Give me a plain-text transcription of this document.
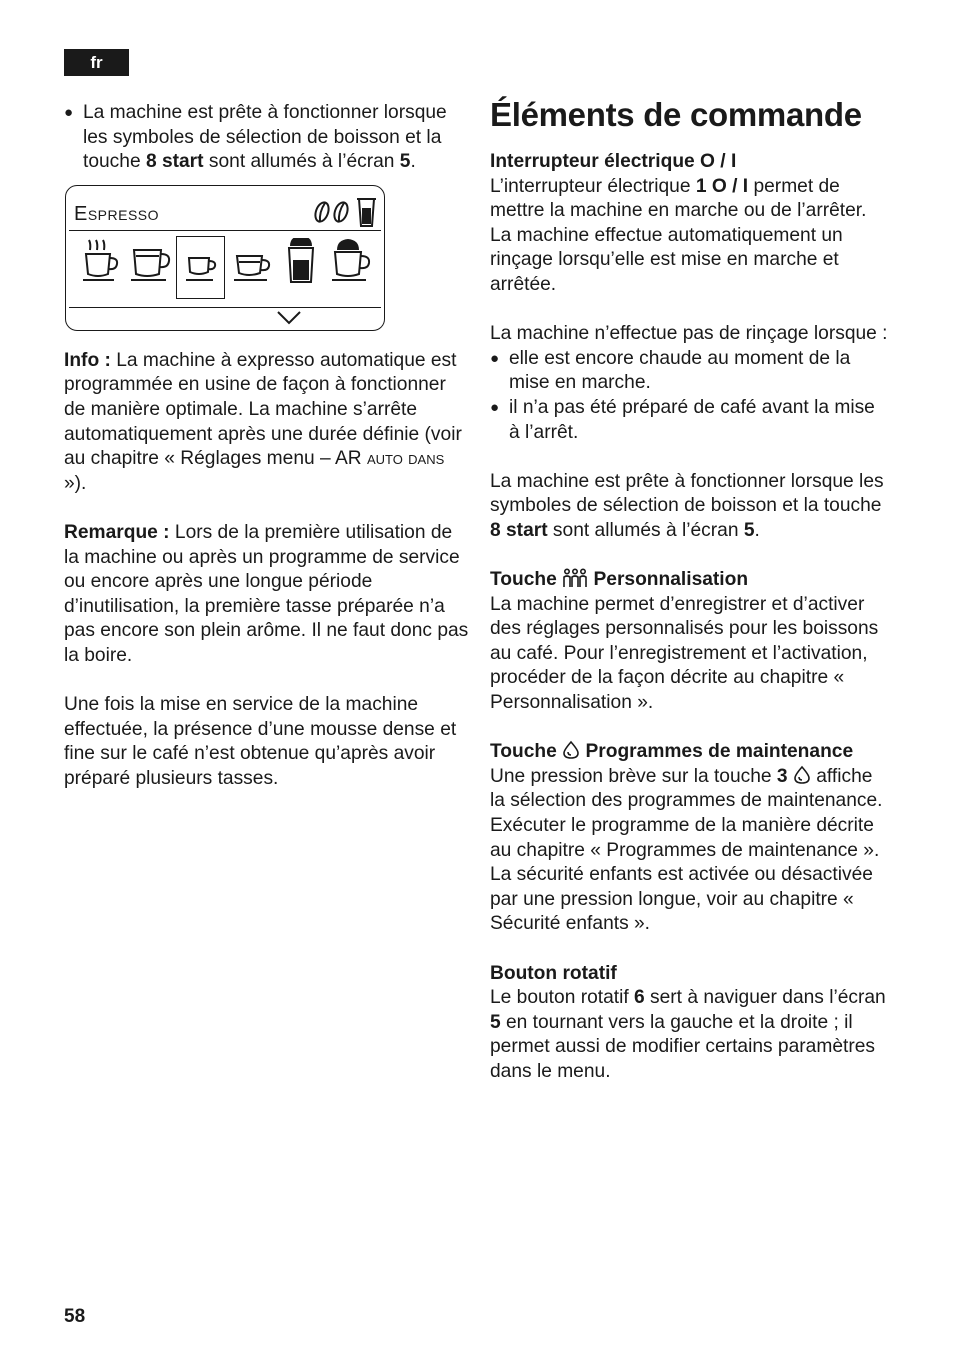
fr
Éléments de commande

● La machine est prête à fonctionner lorsque les symboles de sélection de boisson et la touche 8 start sont allumés à l’écran 5.

Espresso

Info : La machine à expresso automatique est programmée en usine de façon à fonctionner de manière optimale. La machine s’arrête automatiquement après une durée définie (voir au chapitre « Réglages menu – AR auto dans »).

Remarque : Lors de la première utilisation de la machine ou après un programme de service ou encore après une longue période d’inutilisation, la première tasse préparée n’a pas encore son plein arôme. Il ne faut donc pas la boire.

Une fois la mise en service de la machine effectuée, la présence d’une mousse dense et fine sur le café n’est obtenue qu’après avoir préparé plusieurs tasses.

Interrupteur électrique O / I
L’interrupteur électrique 1 O / I permet de mettre la machine en marche ou de l’arrêter. La machine effectue automatiquement un rinçage lorsqu’elle est mise en marche et arrêtée.

La machine n’effectue pas de rinçage lorsque :

● elle est encore chaude au moment de la mise en marche.

● il n’a pas été préparé de café avant la mise à l’arrêt.

La machine est prête à fonctionner lorsque les symboles de sélection de boisson et la touche 8 start sont allumés à l’écran 5.

Touche  Personnalisation
La machine permet d’enregistrer et d’activer des réglages personnalisés pour les boissons au café. Pour l’enregistrement et l’activation, procéder de la façon décrite au chapitre « Personnalisation ».

Touche  Programmes de maintenance
Une pression brève sur la touche 3  affiche la sélection des programmes de maintenance. Exécuter le programme de la manière décrite au chapitre « Programmes de maintenance ».
La sécurité enfants est activée ou désactivée par une pression longue, voir au chapitre « Sécurité enfants ».

Bouton rotatif
Le bouton rotatif 6 sert à naviguer dans l’écran 5 en tournant vers la gauche et la droite ; il permet aussi de modifier certains paramètres dans le menu.

58
